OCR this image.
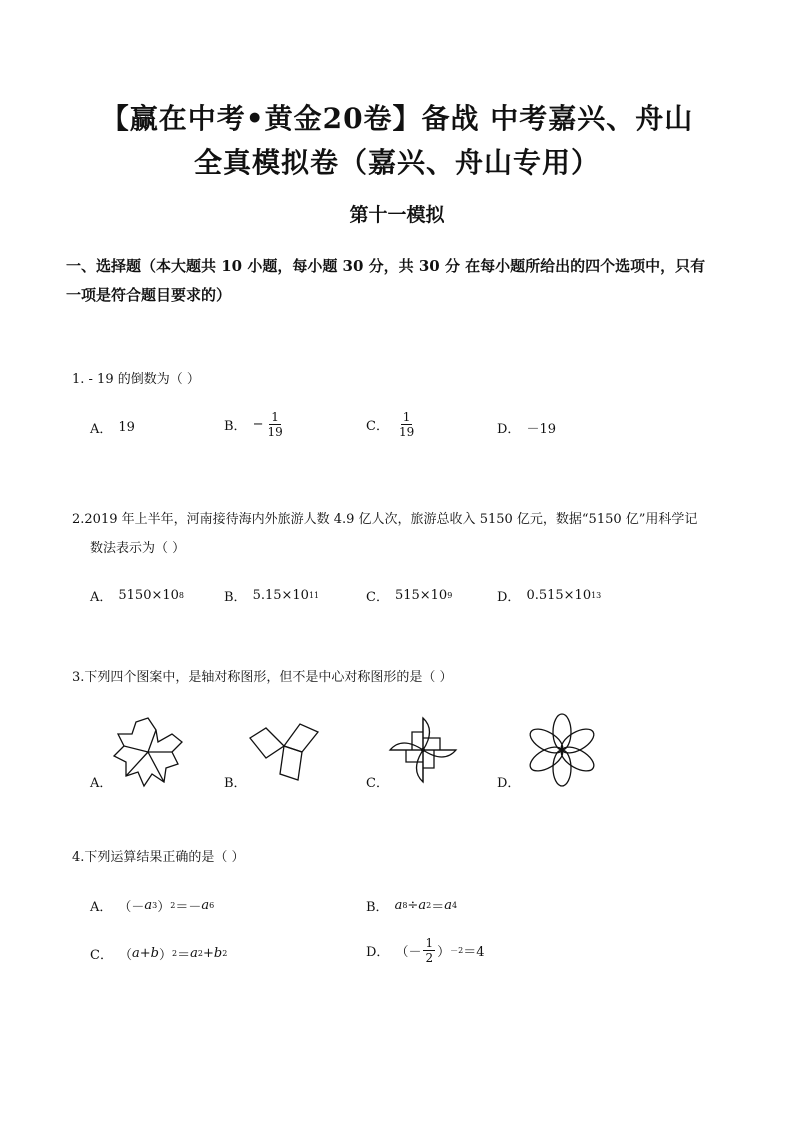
【赢在中考•黄金20卷】备战 中考嘉兴、舟山
全真模拟卷（嘉兴、舟山专用）
第十一模拟
一、选择题（本大题共 10 小题，每小题 30 分，共 30 分 在每小题所给出的四个选项中，只有
一项是符合题目要求的）
1. - 19 的倒数为（ ）
A． 19	B． − $\frac{1}{19}$	C． $\frac{1}{19}$	D． －19
2.2019 年上半年，河南接待海内外旅游人数 4.9 亿人次，旅游总收入 5150 亿元，数据“5150 亿”用科学记
数法表示为（ ）
A． 5150×10 8	B． 5.15×10 11	C． 515×10 9	D． 0.515×10 13
3.下列四个图案中，是轴对称图形，但不是中心对称图形的是（ ）
A．	B．	C．	D．
4.下列运算结果正确的是（ ）
A． （－ a 3 ） 2 ＝－ a 6	B． a 8 ÷ a 2 ＝ a 4
C． （ a + b ） 2 ＝ a 2 + b 2	D． （－ $\frac{1}{2}$ ） －2 ＝4
